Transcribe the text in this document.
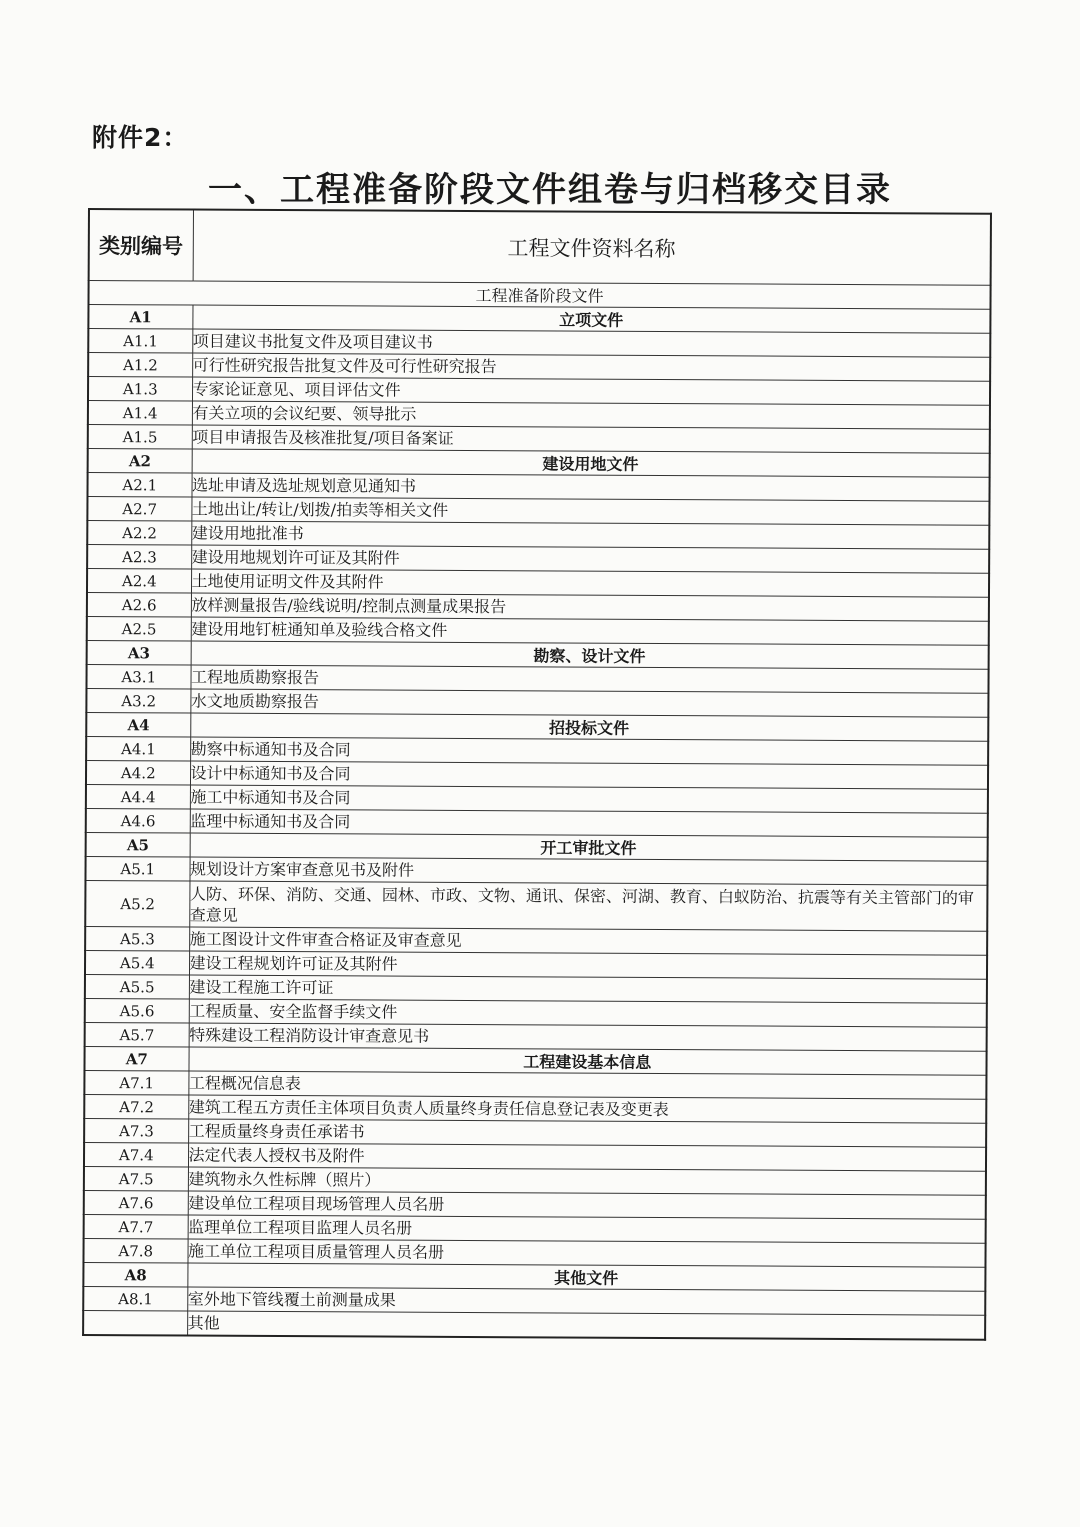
附件2：
一、工程准备阶段文件组卷与归档移交目录
类别编号	工程文件资料名称
工程准备阶段文件	
A1	立项文件
A1.1	项目建议书批复文件及项目建议书
A1.2	可行性研究报告批复文件及可行性研究报告
A1.3	专家论证意见、项目评估文件
A1.4	有关立项的会议纪要、领导批示
A1.5	项目申请报告及核准批复/项目备案证
A2	建设用地文件
A2.1	选址申请及选址规划意见通知书
A2.7	土地出让/转让/划拨/拍卖等相关文件
A2.2	建设用地批准书
A2.3	建设用地规划许可证及其附件
A2.4	土地使用证明文件及其附件
A2.6	放样测量报告/验线说明/控制点测量成果报告
A2.5	建设用地钉桩通知单及验线合格文件
A3	勘察、设计文件
A3.1	工程地质勘察报告
A3.2	水文地质勘察报告
A4	招投标文件
A4.1	勘察中标通知书及合同
A4.2	设计中标通知书及合同
A4.4	施工中标通知书及合同
A4.6	监理中标通知书及合同
A5	开工审批文件
A5.1	规划设计方案审查意见书及附件
A5.2	人防、环保、消防、交通、园林、市政、文物、通讯、保密、河湖、教育、白蚁防治、抗震等有关主管部门的审查意见
A5.3	施工图设计文件审查合格证及审查意见
A5.4	建设工程规划许可证及其附件
A5.5	建设工程施工许可证
A5.6	工程质量、安全监督手续文件
A5.7	特殊建设工程消防设计审查意见书
A7	工程建设基本信息
A7.1	工程概况信息表
A7.2	建筑工程五方责任主体项目负责人质量终身责任信息登记表及变更表
A7.3	工程质量终身责任承诺书
A7.4	法定代表人授权书及附件
A7.5	建筑物永久性标牌（照片）
A7.6	建设单位工程项目现场管理人员名册
A7.7	监理单位工程项目监理人员名册
A7.8	施工单位工程项目质量管理人员名册
A8	其他文件
A8.1	室外地下管线覆土前测量成果
	其他
